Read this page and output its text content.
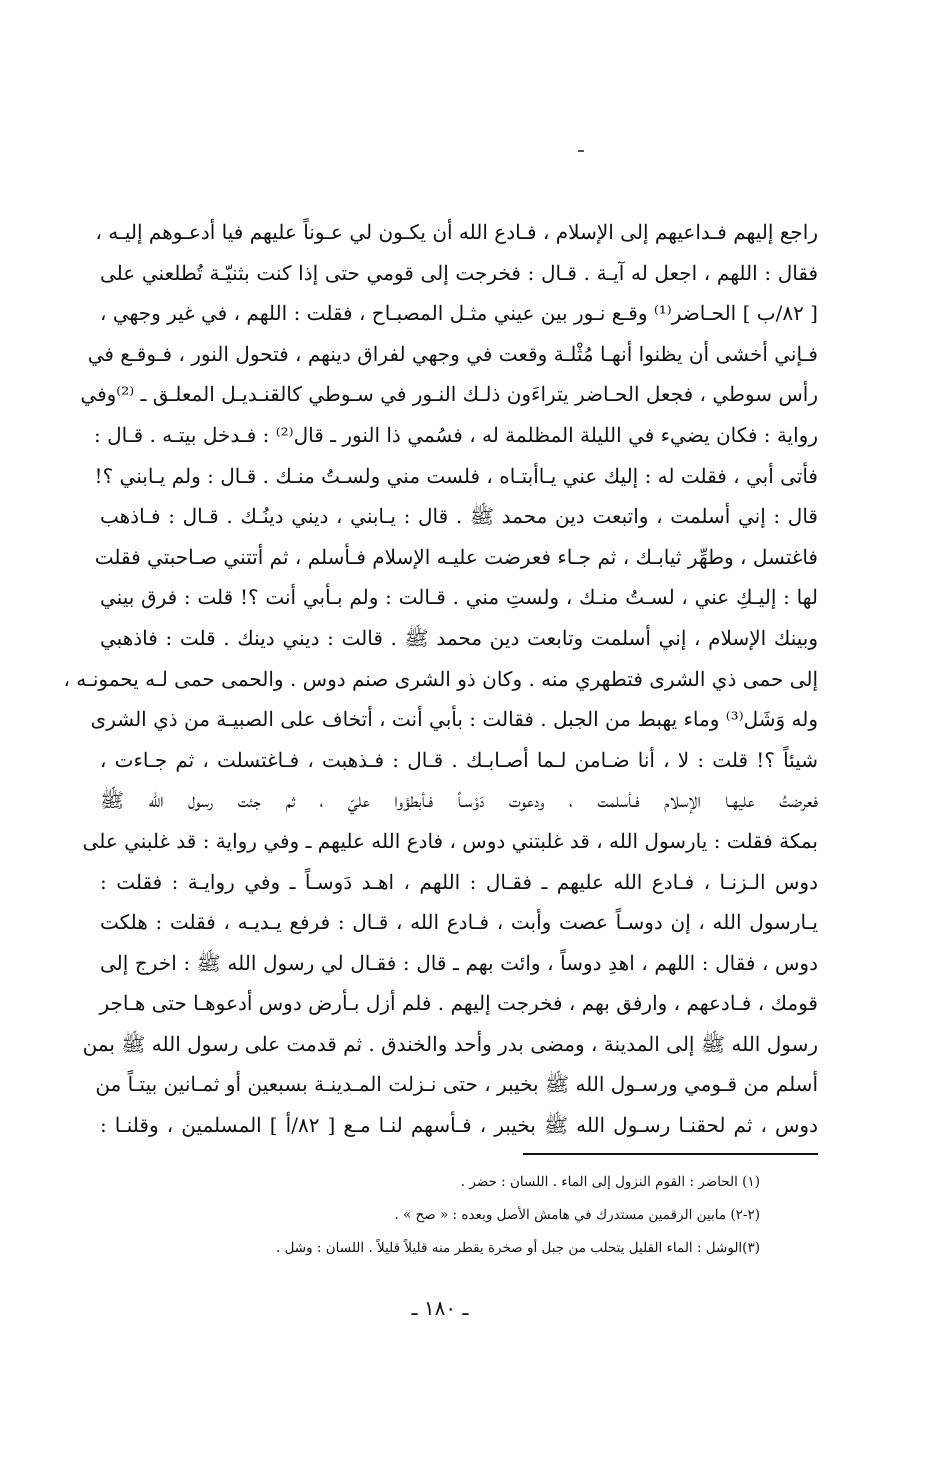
راجع إليهم فـداعيهم إلى الإسلام ، فـادع الله أن يكـون لي عـوناً عليهم فيا أدعـوهم إليـه ،
فقال : اللهم ، اجعل له آيـة . قـال : فخرجت إلى قومي حتى إذا كنت بثنيّـة تُطلعني على
[ ٨٢/ب ] الحـاضر⁽¹⁾ وقـع نـور بين عيني مثـل المصبـاح ، فقلت : اللهم ، في غير وجهي ،
فـإني أخشى أن يظنوا أنهـا مُثْلـة وقعت في وجهي لفراق دينهم ، فتحول النور ، فـوقـع في
رأس سوطي ، فجعل الحـاضر يتراءَون ذلـك النـور في سـوطي كالقنـديـل المعلـق ـ ⁽²⁾وفي
رواية : فكان يضيء في الليلة المظلمة له ، فسُمي ذا النور ـ قال⁽²⁾ : فـدخل بيتـه . قـال :
فأتى أبي ، فقلت له : إليك عني يـاأبتـاه ، فلست مني ولسـتُ منـك . قـال : ولم يـابني ؟!
قال : إني أسلمت ، واتبعت دين محمد ﷺ . قال : يـابني ، ديني دينُـك . قـال : فـاذهب
فاغتسل ، وطهِّر ثيابـك ، ثم جـاء فعرضت عليـه الإسلام فـأسلم ، ثم أتتني صـاحبتي فقلت
لها : إليـكِ عني ، لسـتُ منـك ، ولستِ مني . قـالت : ولم بـأبي أنت ؟! قلت : فرق بيني
وبينك الإسلام ، إني أسلمت وتابعت دين محمد ﷺ . قالت : ديني دينك . قلت : فاذهبي
إلى حمى ذي الشرى فتطهري منه . وكان ذو الشرى صنم دوس . والحمى حمى لـه يحمونـه ،
وله وَشَل⁽³⁾ وماء يهبط من الجبل . فقالت : بأبي أنت ، أتخاف على الصبيـة من ذي الشرى
شيئاً ؟! قلت : لا ، أنا ضـامن لـما أصـابـك . قـال : فـذهبت ، فـاغتسلت ، ثم جـاءت ،
فعرضتُ عليهـا الإسلام فـأسلمت ، ودعوت دَوْسـاً فـأبطؤوا عليّ ، ثم جئت رسول الله ﷺ
بمكة فقلت : يارسول الله ، قد غلبتني دوس ، فادع الله عليهم ـ وفي رواية : قد غلبني على
دوس الـزنـا ، فـادع الله عليهم ـ فقـال : اللهم ، اهـد دَوسـاً ـ وفي روايـة : فقلت :
يـارسول الله ، إن دوسـاً عصت وأبت ، فـادع الله ، قـال : فرفع يـديـه ، فقلت : هلكت
دوس ، فقال : اللهم ، اهدِ دوساً ، وائت بهم ـ قال : فقـال لي رسول الله ﷺ : اخرج إلى
قومك ، فـادعهم ، وارفق بهم ، فخرجت إليهم . فلم أزل بـأرض دوس أدعوهـا حتى هـاجر
رسول الله ﷺ إلى المدينة ، ومضى بدر وأحد والخندق . ثم قدمت على رسول الله ﷺ بمن
أسلم من قـومي ورسـول الله ﷺ بخيبر ، حتى نـزلت المـدينـة بسبعين أو ثمـانين بيتـاً من
دوس ، ثم لحقنـا رسـول الله ﷺ بخيبر ، فـأسهم لنـا مـع [ ٨٢/أ ] المسلمين ، وقلنـا :
(١) الحاضر : القوم النزول إلى الماء . اللسان : حضر .
(٢-٢) مابين الرقمين مستدرك في هامش الأصل وبعده : « صح » .
(٣)الوشل : الماء القليل يتحلب من جبل أو صخرة يقطر منه قليلاً قليلاً . اللسان : وشل .
ـ ١٨٠ ـ
